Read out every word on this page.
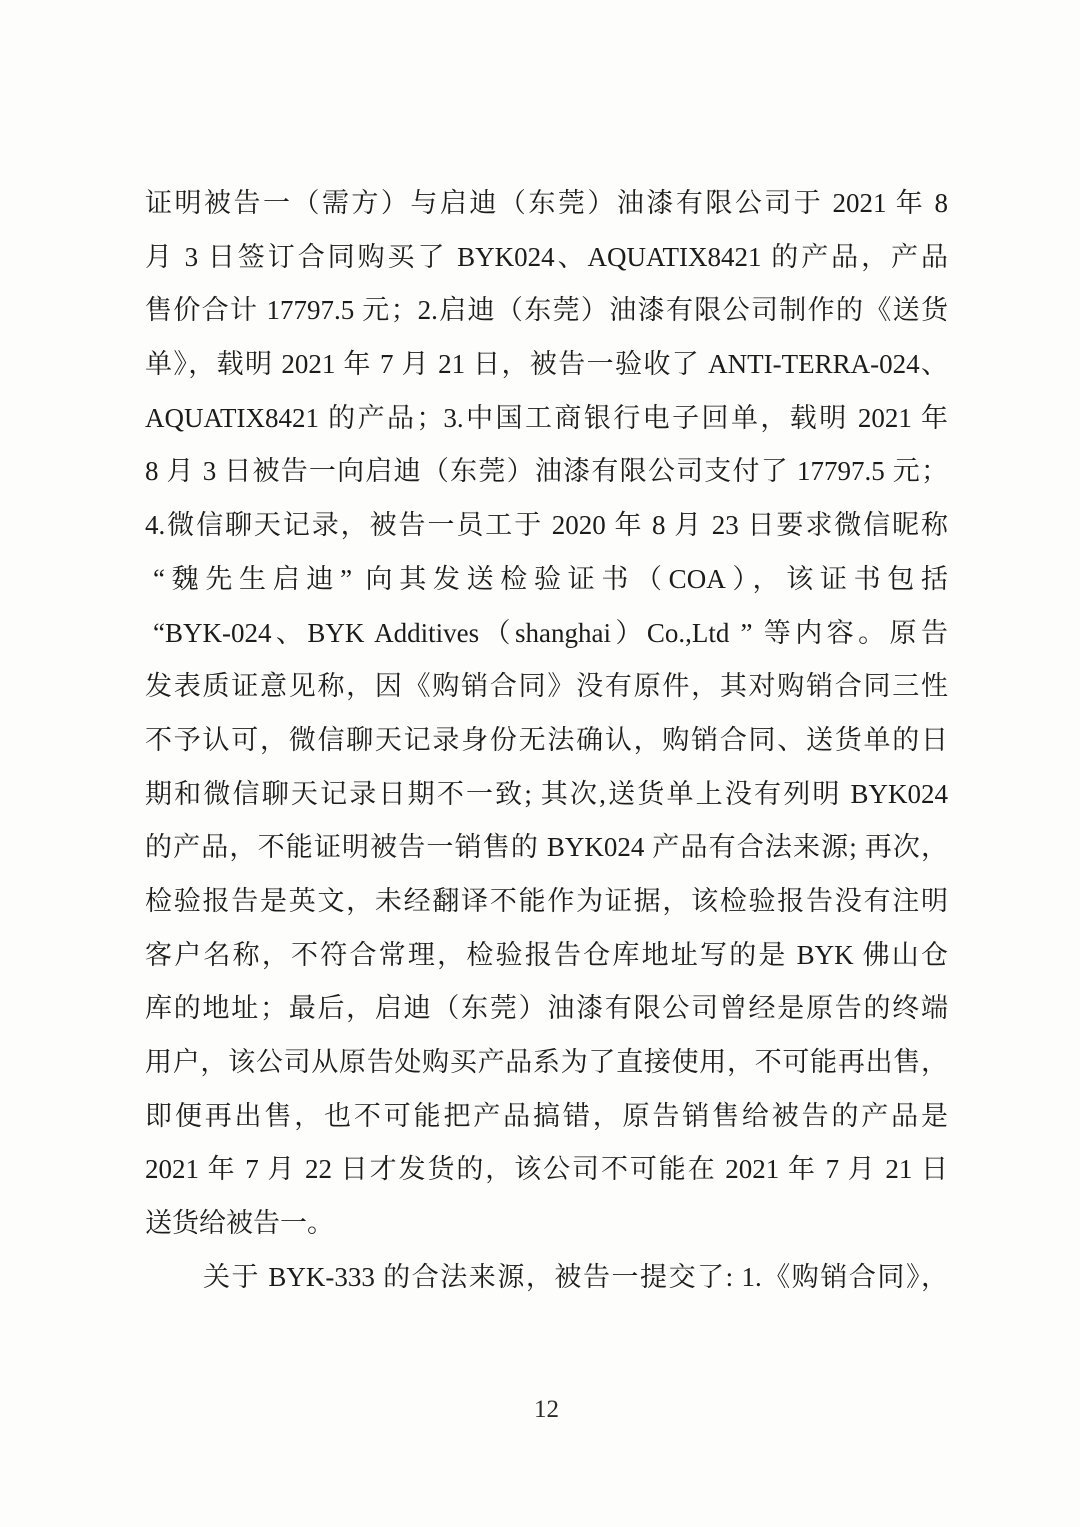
证明被告一（需方）与启迪（东莞）油漆有限公司于 2021 年 8

月 3 日签订合同购买了 BYK024、AQUATIX8421 的产品，产品

售价合计 17797.5 元；2.启迪（东莞）油漆有限公司制作的《送货

单》，载明 2021 年 7 月 21 日，被告一验收了 ANTI-TERRA-024、

AQUATIX8421 的产品；3.中国工商银行电子回单，载明 2021 年

8 月 3 日被告一向启迪（东莞）油漆有限公司支付了 17797.5 元；

4.微信聊天记录，被告一员工于 2020 年 8 月 23 日要求微信昵称

“魏先生启迪” 向其发送检验证书（COA），该证书包括

“BYK-024、BYK Additives（shanghai）Co.,Ltd ” 等内容。原告

发表质证意见称，因《购销合同》没有原件，其对购销合同三性

不予认可，微信聊天记录身份无法确认，购销合同、送货单的日

期和微信聊天记录日期不一致; 其次,送货单上没有列明 BYK024

的产品，不能证明被告一销售的 BYK024 产品有合法来源; 再次，

检验报告是英文，未经翻译不能作为证据，该检验报告没有注明

客户名称，不符合常理，检验报告仓库地址写的是 BYK 佛山仓

库的地址；最后，启迪（东莞）油漆有限公司曾经是原告的终端

用户，该公司从原告处购买产品系为了直接使用，不可能再出售，

即便再出售，也不可能把产品搞错，原告销售给被告的产品是

2021 年 7 月 22 日才发货的，该公司不可能在 2021 年 7 月 21 日

送货给被告一。

关于 BYK-333 的合法来源，被告一提交了: 1.《购销合同》，

12
